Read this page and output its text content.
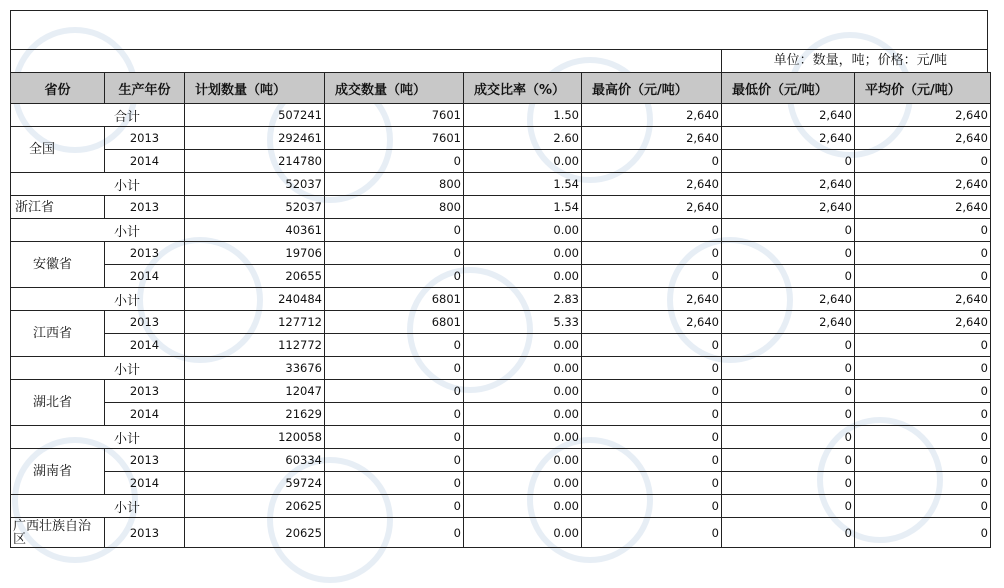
单位：数量，吨；价格：元/吨
省份	生产年份	计划数量（吨）	成交数量（吨）	成交比率（%）	最高价（元/吨）	最低价（元/吨）	平均价（元/吨）
合计		507241	7601	1.50	2,640	2,640	2,640
全国	2013	292461	7601	2.60	2,640	2,640	2,640
	2014	214780	0	0.00	0	0	0
小计		52037	800	1.54	2,640	2,640	2,640
浙江省	2013	52037	800	1.54	2,640	2,640	2,640
小计		40361	0	0.00	0	0	0
安徽省	2013	19706	0	0.00	0	0	0
	2014	20655	0	0.00	0	0	0
小计		240484	6801	2.83	2,640	2,640	2,640
江西省	2013	127712	6801	5.33	2,640	2,640	2,640
	2014	112772	0	0.00	0	0	0
小计		33676	0	0.00	0	0	0
湖北省	2013	12047	0	0.00	0	0	0
	2014	21629	0	0.00	0	0	0
小计		120058	0	0.00	0	0	0
湖南省	2013	60334	0	0.00	0	0	0
	2014	59724	0	0.00	0	0	0
小计		20625	0	0.00	0	0	0
广西壮族自治区	2013	20625	0	0.00	0	0	0
